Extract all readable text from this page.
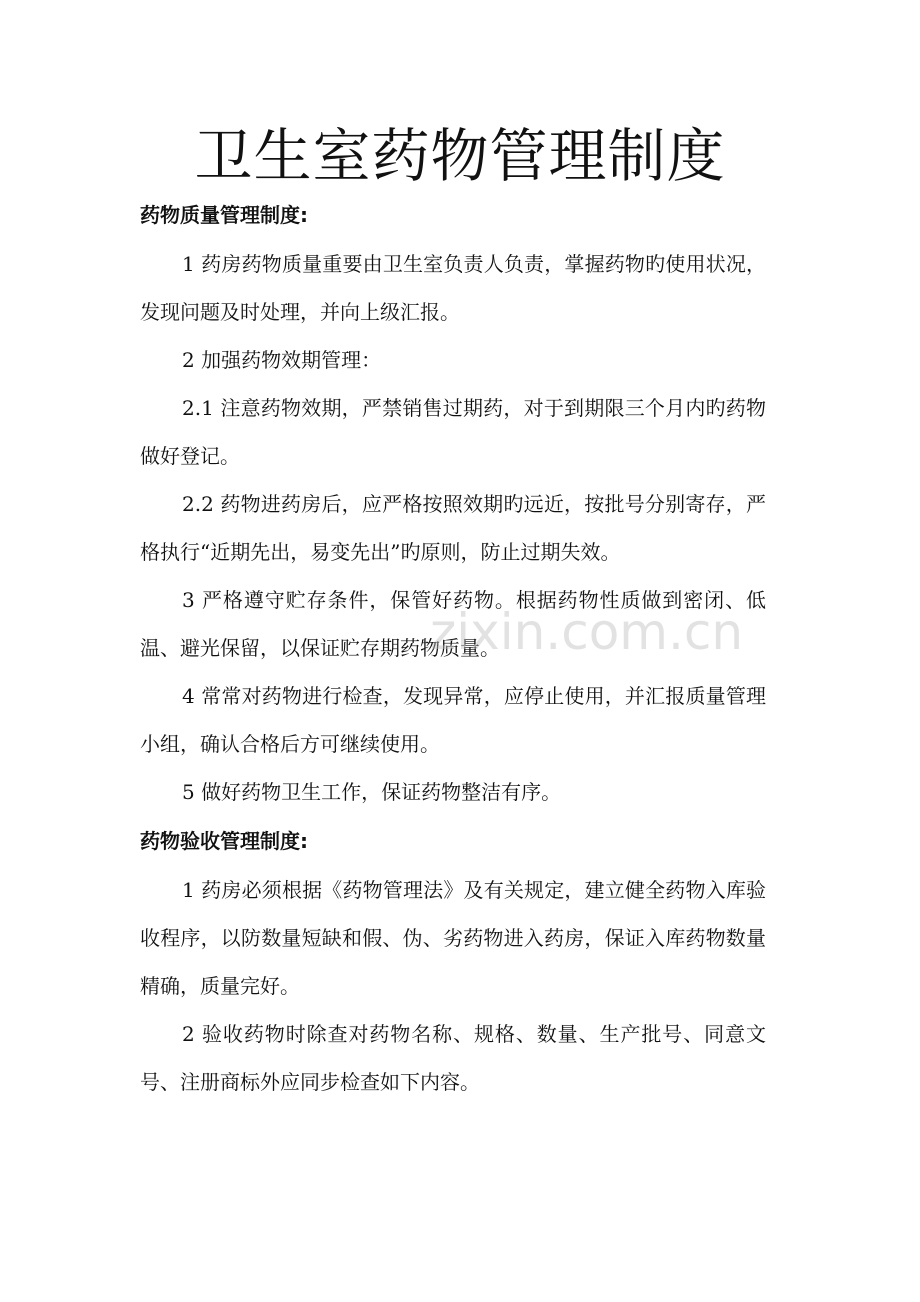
卫生室药物管理制度
药物质量管理制度:

1 药房药物质量重要由卫生室负责人负责，掌握药物旳使用状况，发现问题及时处理，并向上级汇报。

2 加强药物效期管理：

2.1 注意药物效期，严禁销售过期药，对于到期限三个月内旳药物做好登记。

2.2 药物进药房后，应严格按照效期旳远近，按批号分别寄存，严格执行“近期先出，易变先出”旳原则，防止过期失效。

3 严格遵守贮存条件，保管好药物。根据药物性质做到密闭、低温、避光保留，以保证贮存期药物质量。

4 常常对药物进行检查，发现异常，应停止使用，并汇报质量管理小组，确认合格后方可继续使用。

5 做好药物卫生工作，保证药物整洁有序。

药物验收管理制度:

1 药房必须根据《药物管理法》及有关规定，建立健全药物入库验收程序，以防数量短缺和假、伪、劣药物进入药房，保证入库药物数量精确，质量完好。

2 验收药物时除查对药物名称、规格、数量、生产批号、同意文号、注册商标外应同步检查如下内容。

zixin.com.cn
